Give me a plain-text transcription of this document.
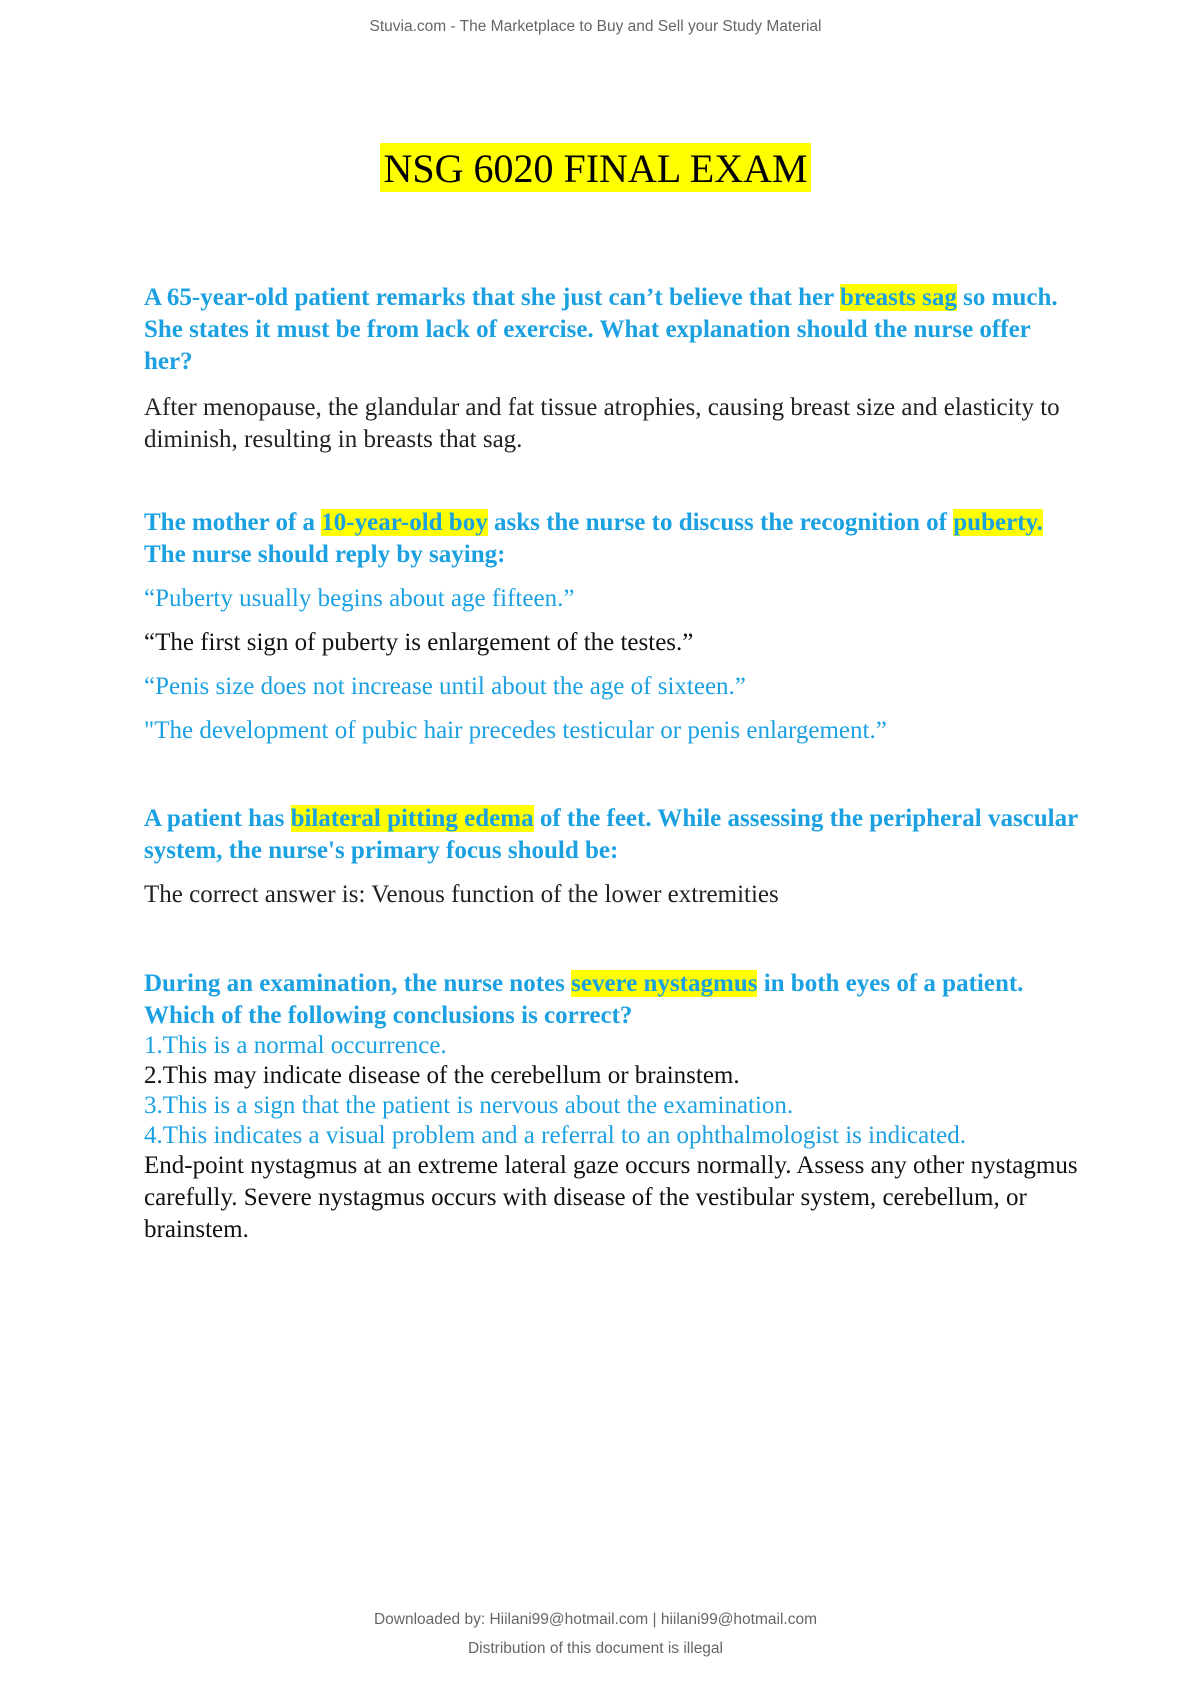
Stuvia.com - The Marketplace to Buy and Sell your Study Material
NSG 6020 FINAL EXAM

A 65-year-old patient remarks that she just can’t believe that her breasts sag so much. She states it must be from lack of exercise. What explanation should the nurse offer her?

After menopause, the glandular and fat tissue atrophies, causing breast size and elasticity to diminish, resulting in breasts that sag.

The mother of a 10-year-old boy asks the nurse to discuss the recognition of puberty. The nurse should reply by saying:

“Puberty usually begins about age fifteen.”

“The first sign of puberty is enlargement of the testes.”

“Penis size does not increase until about the age of sixteen.”

"The development of pubic hair precedes testicular or penis enlargement.”

A patient has bilateral pitting edema of the feet. While assessing the peripheral vascular system, the nurse's primary focus should be:

The correct answer is: Venous function of the lower extremities

During an examination, the nurse notes severe nystagmus in both eyes of a patient. Which of the following conclusions is correct?

1.This is a normal occurrence.

2.This may indicate disease of the cerebellum or brainstem.

3.This is a sign that the patient is nervous about the examination.

4.This indicates a visual problem and a referral to an ophthalmologist is indicated.

End-point nystagmus at an extreme lateral gaze occurs normally. Assess any other nystagmus carefully. Severe nystagmus occurs with disease of the vestibular system, cerebellum, or brainstem.

Downloaded by: Hiilani99@hotmail.com | hiilani99@hotmail.com
Distribution of this document is illegal
